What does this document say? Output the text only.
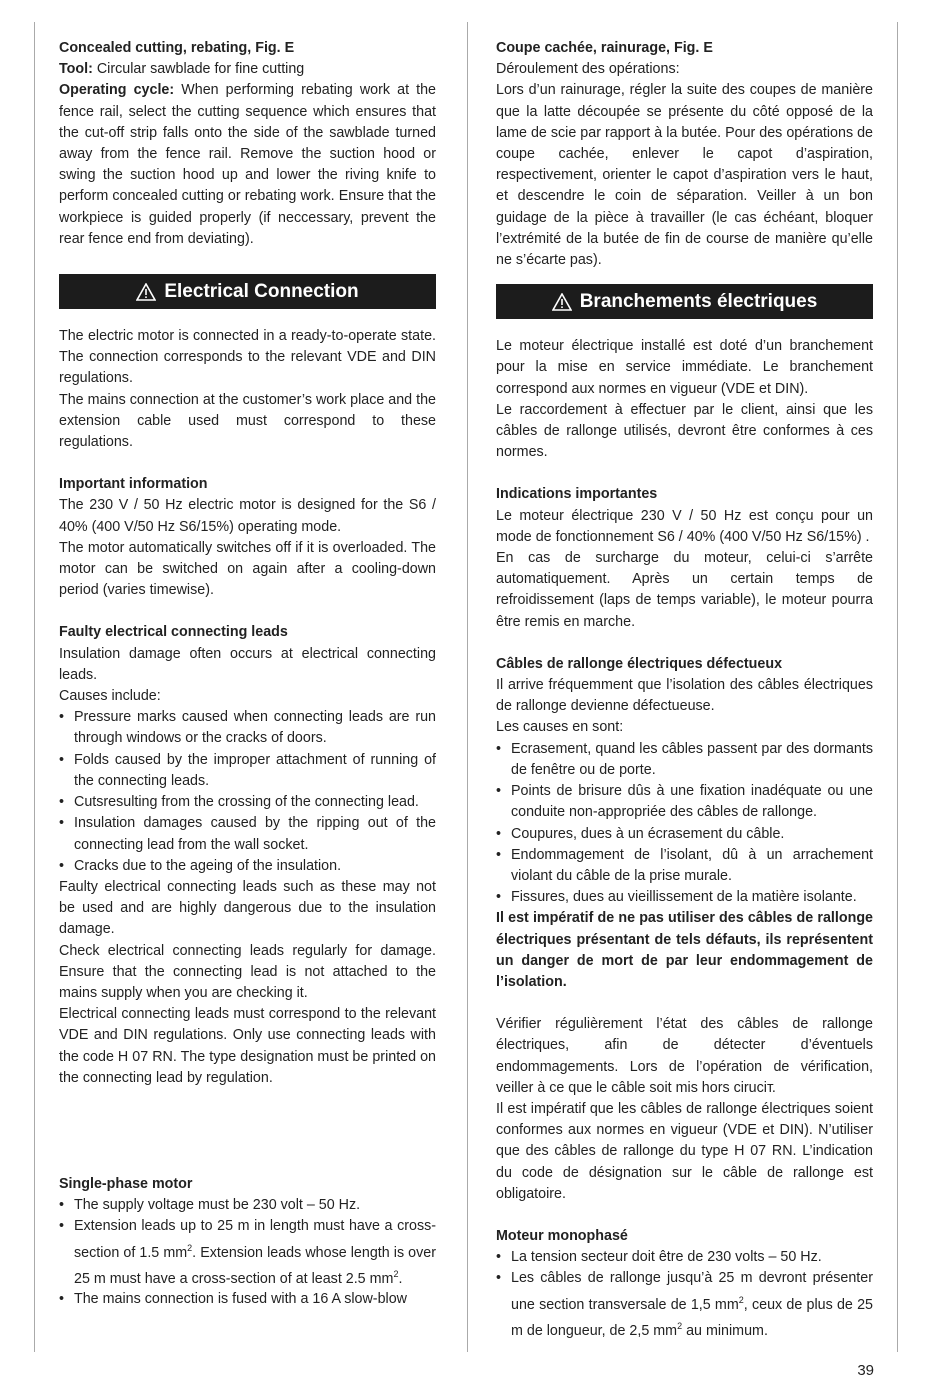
Concealed cutting, rebating, Fig. E

Tool: Circular sawblade for fine cutting

Operating cycle: When performing rebating work at the fence rail, select the cutting sequence which ensures that the cut-off strip falls onto the side of the sawblade turned away from the fence rail. Remove the suction hood or swing the suction hood up and lower the riving knife to perform concealed cutting or rebating work. Ensure that the workpiece is guided properly (if neccessary, prevent the rear fence end from deviating).

Electrical Connection

The electric motor is connected in a ready-to-operate state. The connection corresponds to the relevant VDE and DIN regulations.

The mains connection at the customer’s work place and the extension cable used must correspond to these regulations.

Important information

The 230 V / 50 Hz electric motor is designed for the S6 / 40% (400 V/50 Hz S6/15%) operating mode.

The motor automatically switches off if it is overloaded. The motor can be switched on again after a cooling-down period (varies timewise).

Faulty electrical connecting leads

Insulation damage often occurs at electrical connecting leads.

Causes include:

• Pressure marks caused when connecting leads are run through windows or the cracks of doors.
• Folds caused by the improper attachment of running of the connecting leads.
• Cutsresulting from the crossing of the connecting lead.
• Insulation damages caused by the ripping out of the connecting lead from the wall socket.
• Cracks due to the ageing of the insulation.

Faulty electrical connecting leads such as these may not be used and are highly dangerous due to the insulation damage.

Check electrical connecting leads regularly for damage. Ensure that the connecting lead is not attached to the mains supply when you are checking it.

Electrical connecting leads must correspond to the relevant VDE and DIN regulations. Only use connecting leads with the code H 07 RN. The type designation must be printed on the connecting lead by regulation.

Single-phase motor

• The supply voltage must be 230 volt – 50 Hz.
• Extension leads up to 25 m in length must have a cross-section of 1.5 $mm^2$. Extension leads whose length is over 25 m must have a cross-section of at least 2.5 $mm^2$.
• The mains connection is fused with a 16 A slow-blow

Coupe cachée, rainurage, Fig. E

Déroulement des opérations:

Lors d’un rainurage, régler la suite des coupes de manière que la latte découpée se présente du côté opposé de la lame de scie par rapport à la butée. Pour des opérations de coupe cachée, enlever le capot d’aspiration, respectivement, orienter le capot d’aspiration vers le haut, et descendre le coin de séparation. Veiller à un bon guidage de la pièce à travailler (le cas échéant, bloquer l’extrémité de la butée de fin de course de manière qu’elle ne s’écarte pas).

Branchements électriques

Le moteur électrique installé est doté d’un branchement pour la mise en service immédiate. Le branchement correspond aux normes en vigueur (VDE et DIN).

Le raccordement à effectuer par le client, ainsi que les câbles de rallonge utilisés, devront être conformes à ces normes.

Indications importantes

Le moteur électrique 230 V / 50 Hz est conçu pour un mode de fonctionnement S6 / 40% (400 V/50 Hz S6/15%) .

En cas de surcharge du moteur, celui-ci s’arrête automatiquement. Après un certain temps de refroidissement (laps de temps variable), le moteur pourra être remis en marche.

Câbles de rallonge électriques défectueux

Il arrive fréquemment que l’isolation des câbles électriques de rallonge devienne défectueuse.

Les causes en sont:

• Ecrasement, quand les câbles passent par des dormants de fenêtre ou de porte.
• Points de brisure dûs à une fixation inadéquate ou une conduite non-appropriée des câbles de rallonge.
• Coupures, dues à un écrasement du câble.
• Endommagement de l’isolant, dû à un arrachement violant du câble de la prise murale.
• Fissures, dues au vieillissement de la matière isolante.

Il est impératif de ne pas utiliser des câbles de rallonge électriques présentant de tels défauts, ils représentent un danger de mort de par leur endommagement de l’isolation.

Vérifier régulièrement l’état des câbles de rallonge électriques, afin de détecter d’éventuels endommagements. Lors de l’opération de vérification, veiller à ce que le câble soit mis hors ciruciт.

Il est impératif que les câbles de rallonge électriques soient conformes aux normes en vigueur (VDE et DIN). N’utiliser que des câbles de rallonge du type H 07 RN. L’indication du code de désignation sur le câble de rallonge est obligatoire.

Moteur monophasé

• La tension secteur doit être de 230 volts – 50 Hz.
• Les câbles de rallonge jusqu’à 25 m devront présenter une section transversale de 1,5 $mm^2$, ceux de plus de 25 m de longueur, de 2,5 $mm^2$ au minimum.
39
